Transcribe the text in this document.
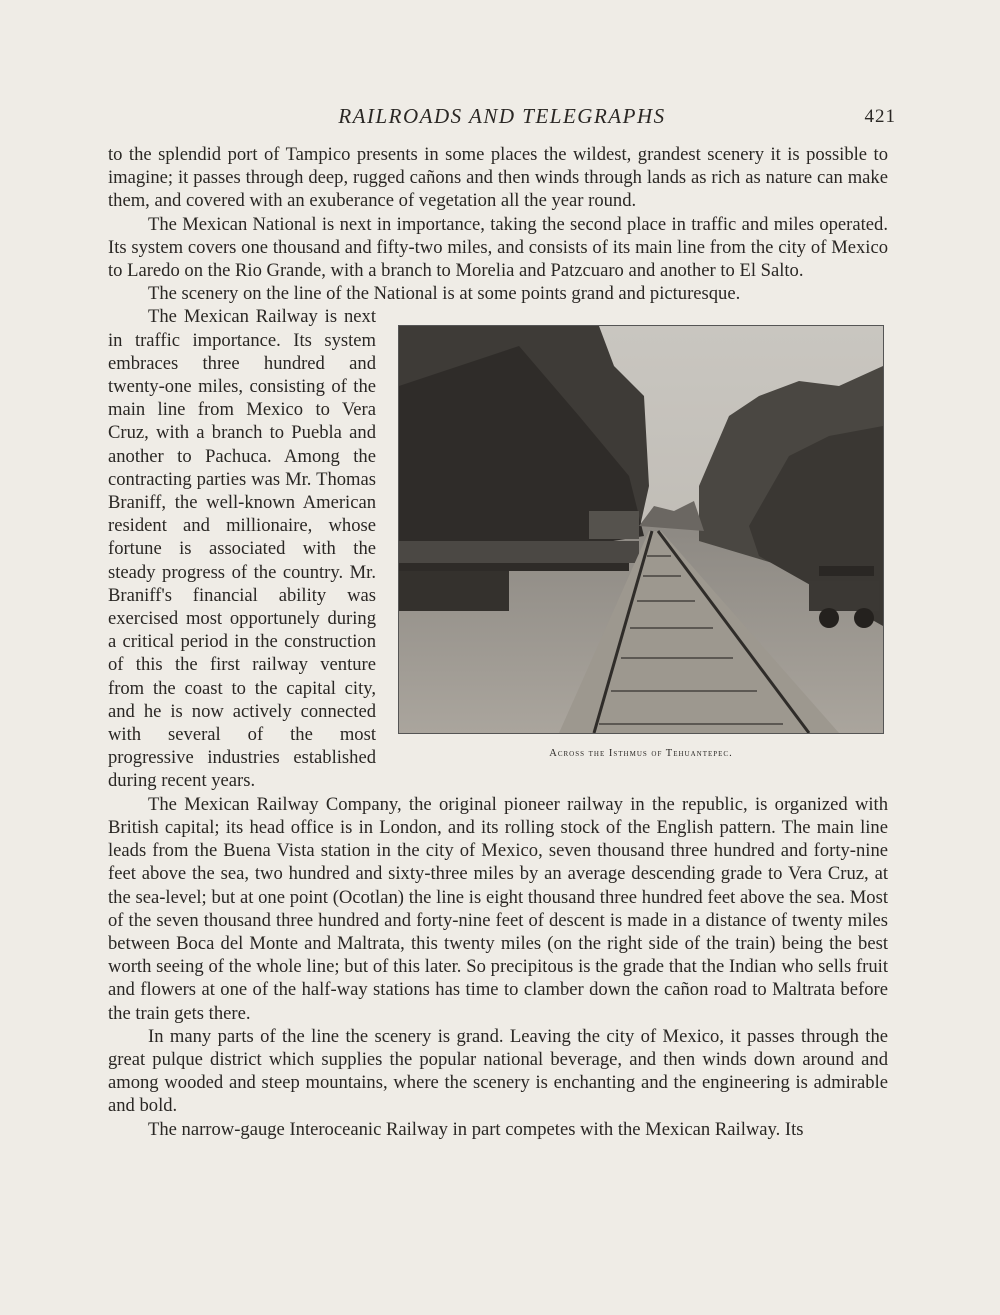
RAILROADS AND TELEGRAPHS	421

to the splendid port of Tampico presents in some places the wildest, grandest scenery it is possible to imagine; it passes through deep, rugged cañons and then winds through lands as rich as nature can make them, and covered with an exuberance of vegetation all the year round.

The Mexican National is next in importance, taking the second place in traffic and miles operated. Its system covers one thousand and fifty-two miles, and consists of its main line from the city of Mexico to Laredo on the Rio Grande, with a branch to Morelia and Patzcuaro and another to El Salto.

The scenery on the line of the National is at some points grand and picturesque.

Across the Isthmus of Tehuantepec.

The Mexican Railway is next in traffic importance. Its system embraces three hundred and twenty-one miles, consisting of the main line from Mexico to Vera Cruz, with a branch to Puebla and another to Pachuca. Among the contracting parties was Mr. Thomas Braniff, the well-known American resident and millionaire, whose fortune is associated with the steady progress of the country. Mr. Braniff's financial ability was exercised most opportunely during a critical period in the construction of this the first railway venture from the coast to the capital city, and he is now actively connected with several of the most progressive industries established during recent years.

The Mexican Railway Company, the original pioneer railway in the republic, is organized with British capital; its head office is in London, and its rolling stock of the English pattern. The main line leads from the Buena Vista station in the city of Mexico, seven thousand three hundred and forty-nine feet above the sea, two hundred and sixty-three miles by an average descending grade to Vera Cruz, at the sea-level; but at one point (Ocotlan) the line is eight thousand three hundred feet above the sea. Most of the seven thousand three hundred and forty-nine feet of descent is made in a distance of twenty miles between Boca del Monte and Maltrata, this twenty miles (on the right side of the train) being the best worth seeing of the whole line; but of this later. So precipitous is the grade that the Indian who sells fruit and flowers at one of the half-way stations has time to clamber down the cañon road to Maltrata before the train gets there.

In many parts of the line the scenery is grand. Leaving the city of Mexico, it passes through the great pulque district which supplies the popular national beverage, and then winds down around and among wooded and steep mountains, where the scenery is enchanting and the engineering is admirable and bold.

The narrow-gauge Interoceanic Railway in part competes with the Mexican Railway. Its
